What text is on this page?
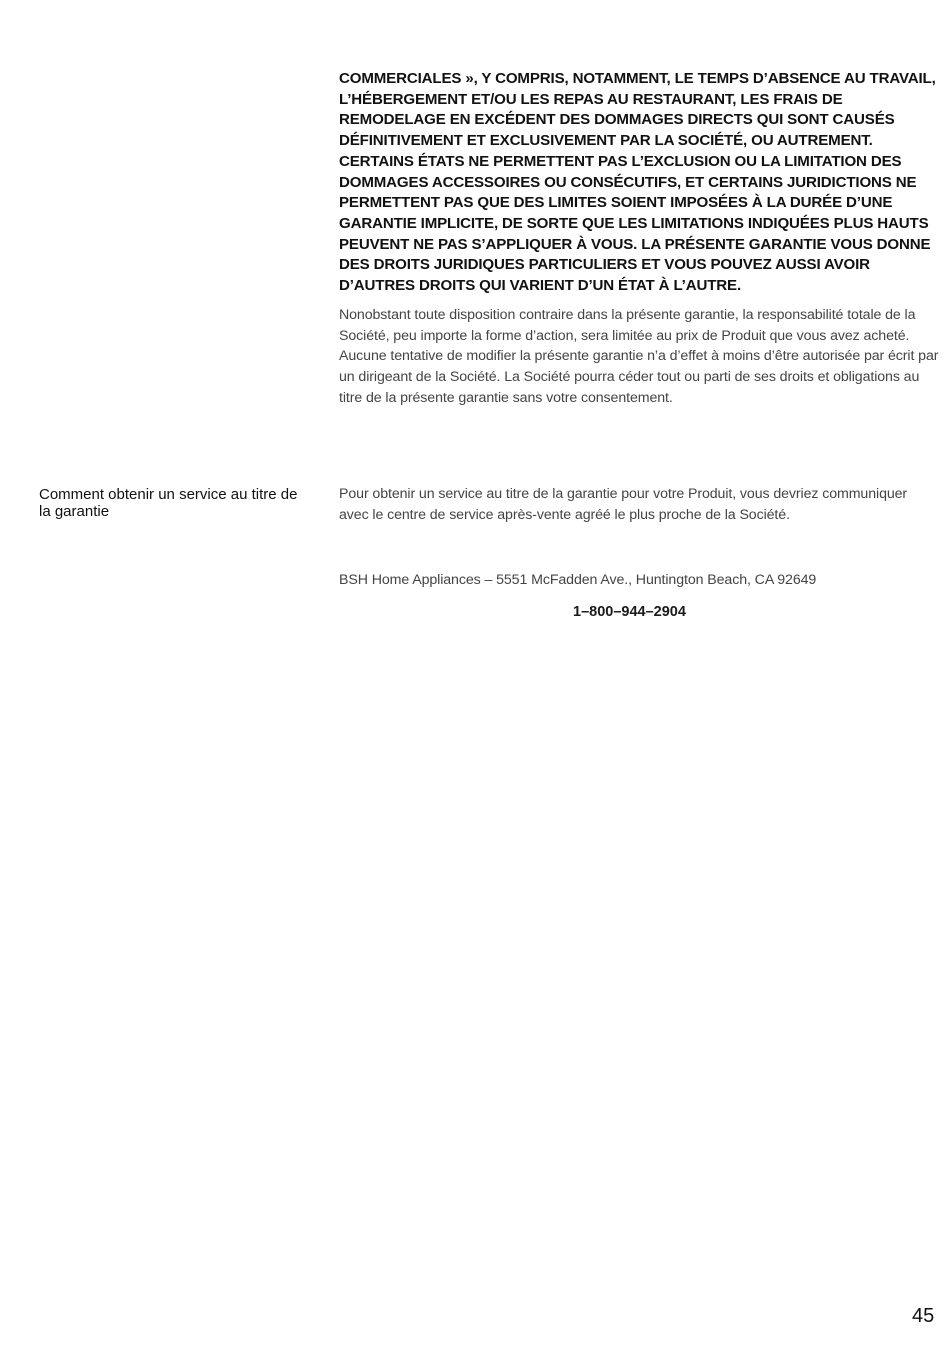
COMMERCIALES », Y COMPRIS, NOTAMMENT, LE TEMPS D’ABSENCE AU TRAVAIL, L’HÉBERGEMENT ET/OU LES REPAS AU RESTAURANT, LES FRAIS DE REMODELAGE EN EXCÉDENT DES DOMMAGES DIRECTS QUI SONT CAUSÉS DÉFINITIVEMENT ET EXCLUSIVEMENT PAR LA SOCIÉTÉ, OU AUTREMENT. CERTAINS ÉTATS NE PERMETTENT PAS L’EXCLUSION OU LA LIMITATION DES DOMMAGES ACCESSOIRES OU CONSÉCUTIFS, ET CERTAINS JURIDICTIONS NE PERMETTENT PAS QUE DES LIMITES SOIENT IMPOSÉES À LA DURÉE D’UNE GARANTIE IMPLICITE, DE SORTE QUE LES LIMITATIONS INDIQUÉES PLUS HAUTS PEUVENT NE PAS S’APPLIQUER À VOUS. LA PRÉSENTE GARANTIE VOUS DONNE DES DROITS JURIDIQUES PARTICULIERS ET VOUS POUVEZ AUSSI AVOIR D’AUTRES DROITS QUI VARIENT D’UN ÉTAT À L’AUTRE.

Nonobstant toute disposition contraire dans la présente garantie, la responsabilité totale de la Société, peu importe la forme d’action, sera limitée au prix de Produit que vous avez acheté. Aucune tentative de modifier la présente garantie n’a d’effet à moins d’être autorisée par écrit par un dirigeant de la Société. La Société pourra céder tout ou parti de ses droits et obligations au titre de la présente garantie sans votre consentement.

Comment obtenir un service au titre de la garantie

Pour obtenir un service au titre de la garantie pour votre Produit, vous devriez communiquer avec le centre de service après-vente agréé le plus proche de la Société.

BSH Home Appliances – 5551 McFadden Ave., Huntington Beach, CA 92649
1–800–944–2904
45
